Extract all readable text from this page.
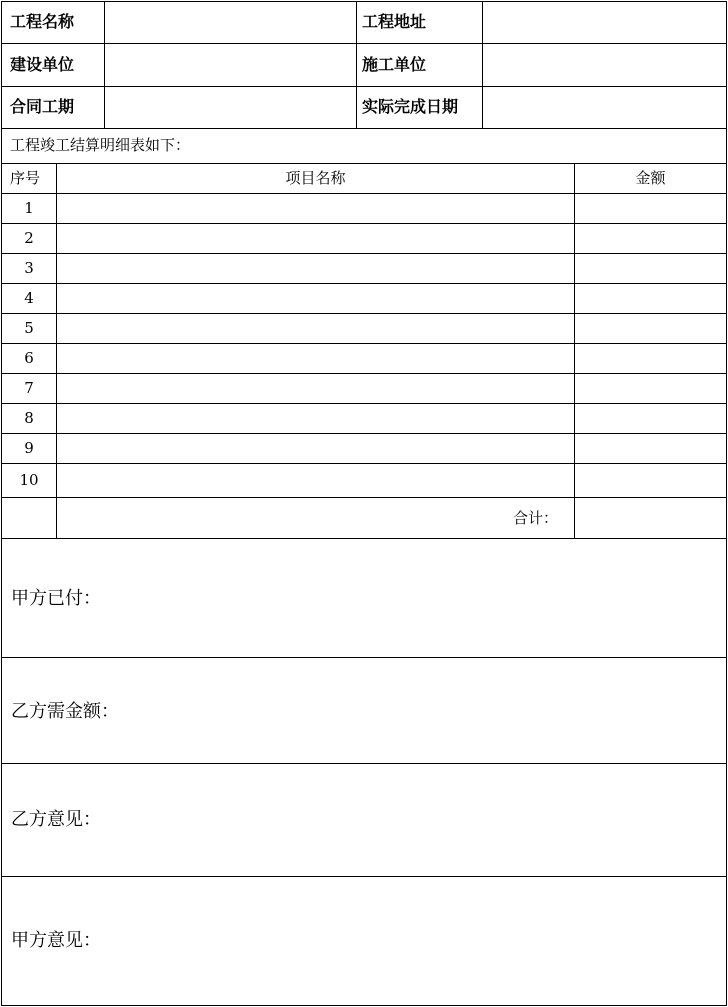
工程名称	工程地址
建设单位	施工单位
合同工期	实际完成日期
工程竣工结算明细表如下：
序号	项目名称	金额
1
2
3
4
5
6
7
8
9
10
合计：
甲方已付：
乙方需金额：
乙方意见：
甲方意见：
